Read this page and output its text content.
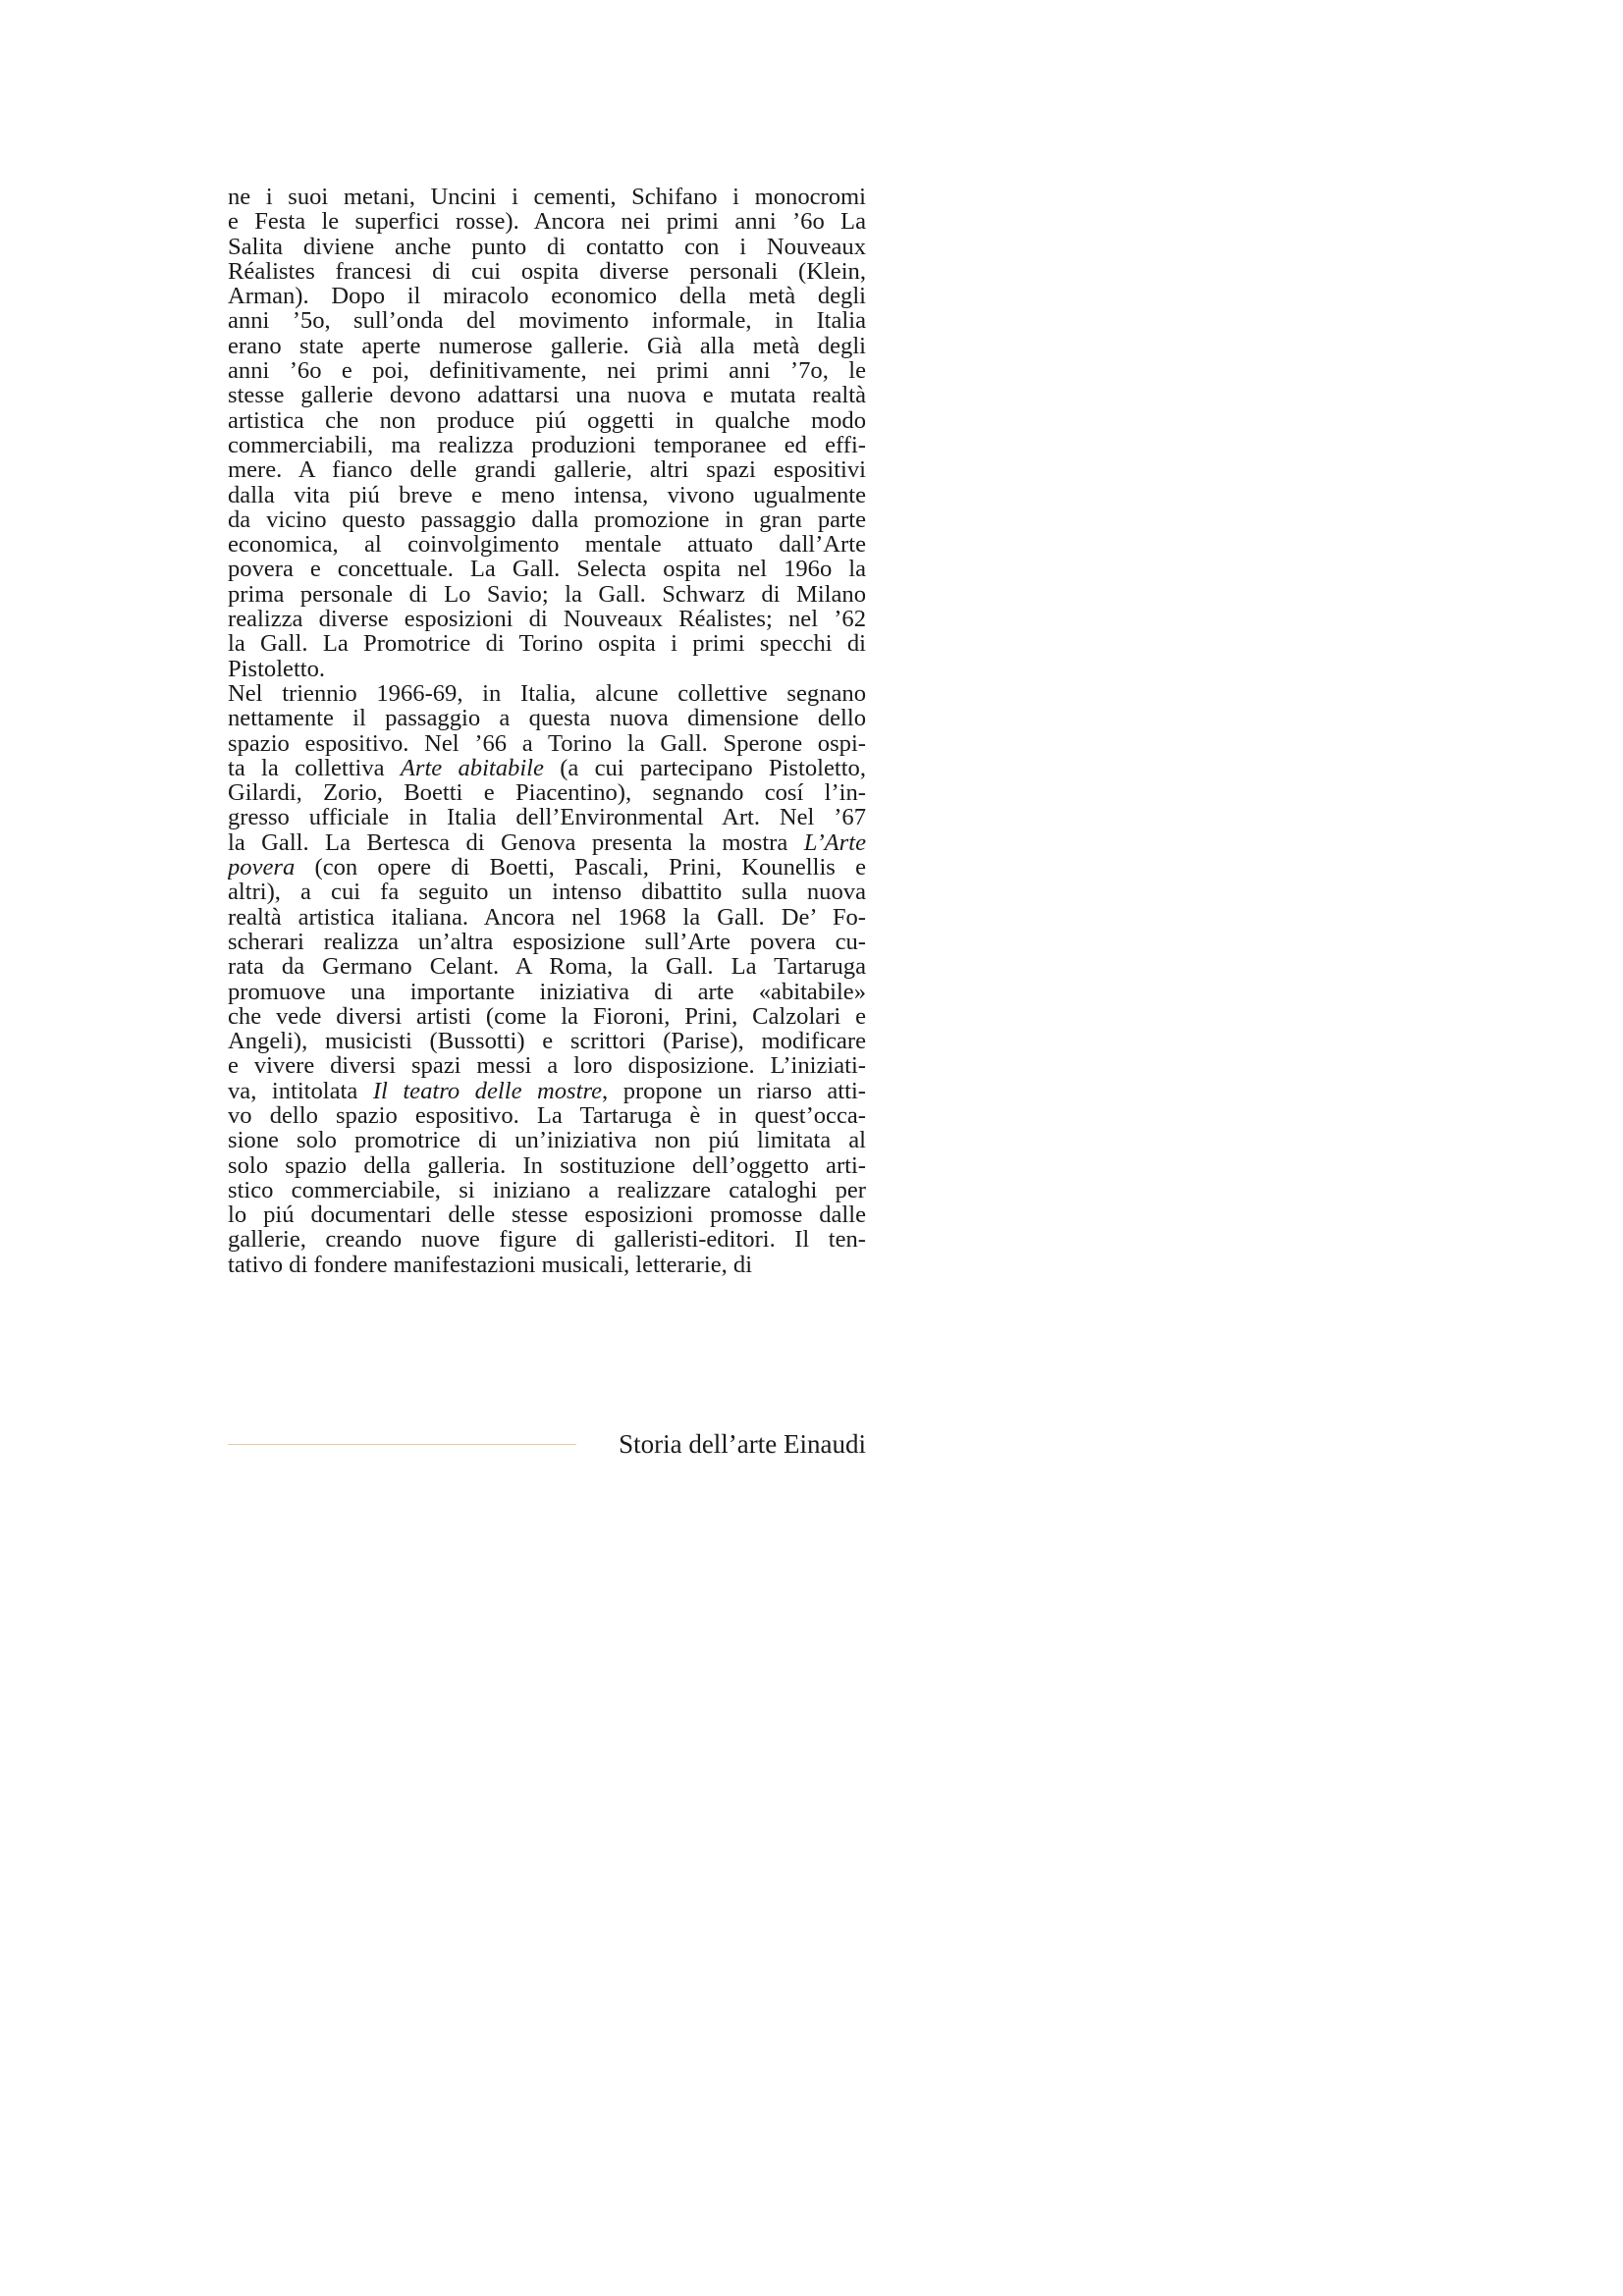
ne i suoi metani, Uncini i cementi, Schifano i monocromi
e Festa le superfici rosse). Ancora nei primi anni ’6o La
Salita diviene anche punto di contatto con i Nouveaux
Réalistes francesi di cui ospita diverse personali (Klein,
Arman). Dopo il miracolo economico della metà degli
anni ’5o, sull’onda del movimento informale, in Italia
erano state aperte numerose gallerie. Già alla metà degli
anni ’6o e poi, definitivamente, nei primi anni ’7o, le
stesse gallerie devono adattarsi una nuova e mutata realtà
artistica che non produce piú oggetti in qualche modo
commerciabili, ma realizza produzioni temporanee ed effi-
mere. A fianco delle grandi gallerie, altri spazi espositivi
dalla vita piú breve e meno intensa, vivono ugualmente
da vicino questo passaggio dalla promozione in gran parte
economica, al coinvolgimento mentale attuato dall’Arte
povera e concettuale. La Gall. Selecta ospita nel 196o la
prima personale di Lo Savio; la Gall. Schwarz di Milano
realizza diverse esposizioni di Nouveaux Réalistes; nel ’62
la Gall. La Promotrice di Torino ospita i primi specchi di
Pistoletto.
Nel triennio 1966-69, in Italia, alcune collettive segnano
nettamente il passaggio a questa nuova dimensione dello
spazio espositivo. Nel ’66 a Torino la Gall. Sperone ospi-
ta la collettiva Arte abitabile (a cui partecipano Pistoletto,
Gilardi, Zorio, Boetti e Piacentino), segnando cosí l’in-
gresso ufficiale in Italia dell’Environmental Art. Nel ’67
la Gall. La Bertesca di Genova presenta la mostra L’Arte
povera (con opere di Boetti, Pascali, Prini, Kounellis e
altri), a cui fa seguito un intenso dibattito sulla nuova
realtà artistica italiana. Ancora nel 1968 la Gall. De’ Fo-
scherari realizza un’altra esposizione sull’Arte povera cu-
rata da Germano Celant. A Roma, la Gall. La Tartaruga
promuove una importante iniziativa di arte «abitabile»
che vede diversi artisti (come la Fioroni, Prini, Calzolari e
Angeli), musicisti (Bussotti) e scrittori (Parise), modificare
e vivere diversi spazi messi a loro disposizione. L’iniziati-
va, intitolata Il teatro delle mostre, propone un riarso atti-
vo dello spazio espositivo. La Tartaruga è in quest’occa-
sione solo promotrice di un’iniziativa non piú limitata al
solo spazio della galleria. In sostituzione dell’oggetto arti-
stico commerciabile, si iniziano a realizzare cataloghi per
lo piú documentari delle stesse esposizioni promosse dalle
gallerie, creando nuove figure di galleristi-editori. Il ten-
tativo di fondere manifestazioni musicali, letterarie, di
Storia dell’arte Einaudi
